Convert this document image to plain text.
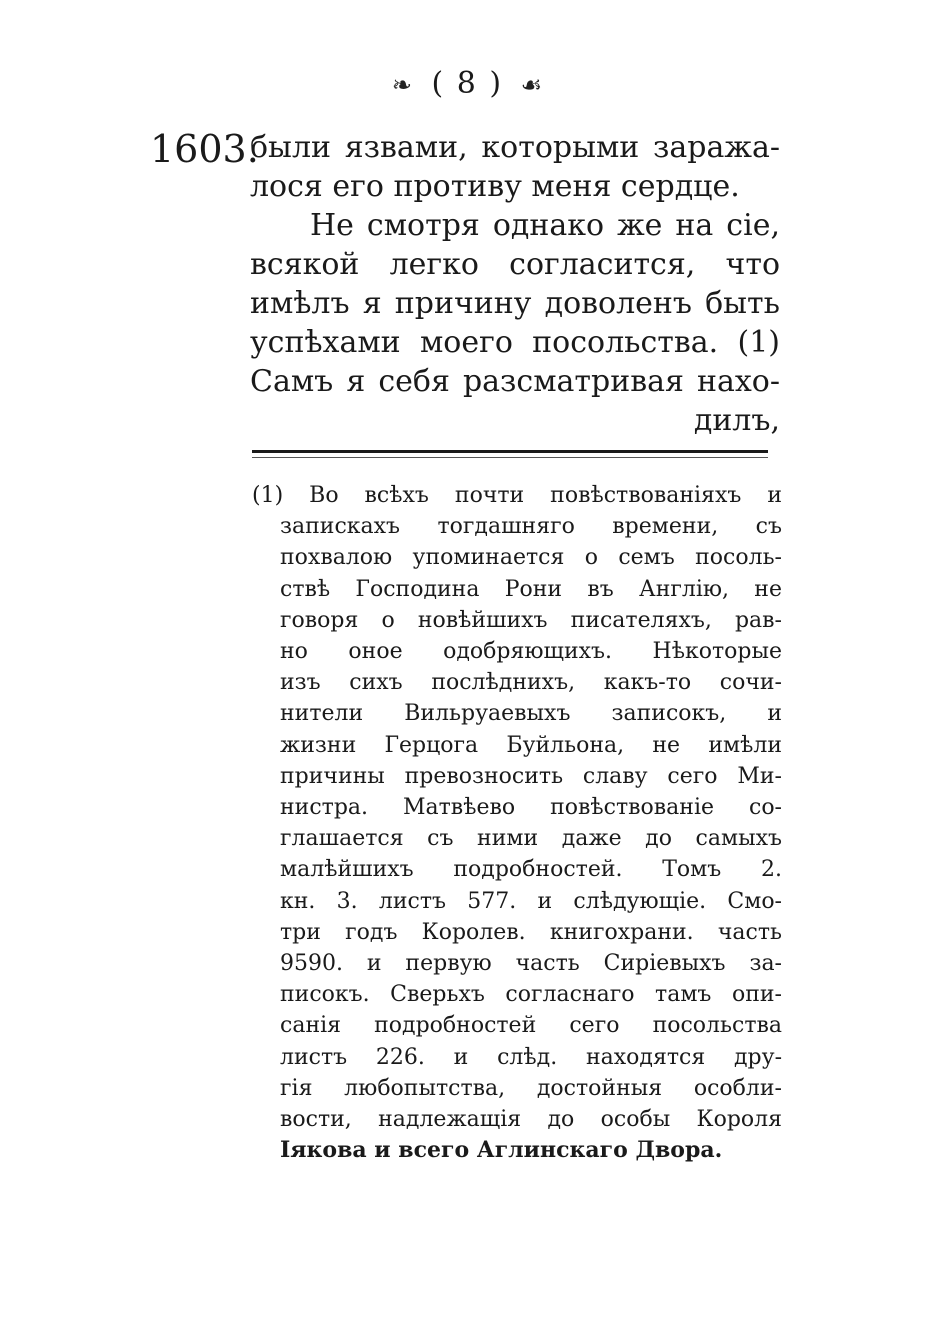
❧ ( 8 ) ☙
1603.
были язвами, которыми заража-
лося его противу меня сердце.
Не смотря однако же на сіе,
всякой легко согласится, что
имѣлъ я причину доволенъ быть
успѣхами моего посольства. (1)
Самъ я себя разсматривая нахо-
дилъ,
(1) Во всѣхъ почти повѣствованіяхъ и
запискахъ тогдашняго времени, съ
похвалою упоминается о семъ посоль-
ствѣ Господина Рони въ Англію, не
говоря о новѣйшихъ писателяхъ, рав-
но оное одобряющихъ. Нѣкоторые
изъ сихъ послѣднихъ, какъ-то сочи-
нители Вильруаевыхъ записокъ, и
жизни Герцога Буйльона, не имѣли
причины превозносить славу сего Ми-
нистра. Матвѣево повѣствованіе со-
глашается съ ними даже до самыхъ
малѣйшихъ подробностей. Томъ 2.
кн. 3. листъ 577. и слѣдующіе. Смо-
три годъ Королев. книгохрани. часть
9590. и первую часть Сиріевыхъ за-
писокъ. Сверьхъ согласнаго тамъ опи-
санія подробностей сего посольства
листъ 226. и слѣд. находятся дру-
гія любопытства, достойныя особли-
вости, надлежащія до особы Короля
Іякова и всего Аглинскаго Двора.
